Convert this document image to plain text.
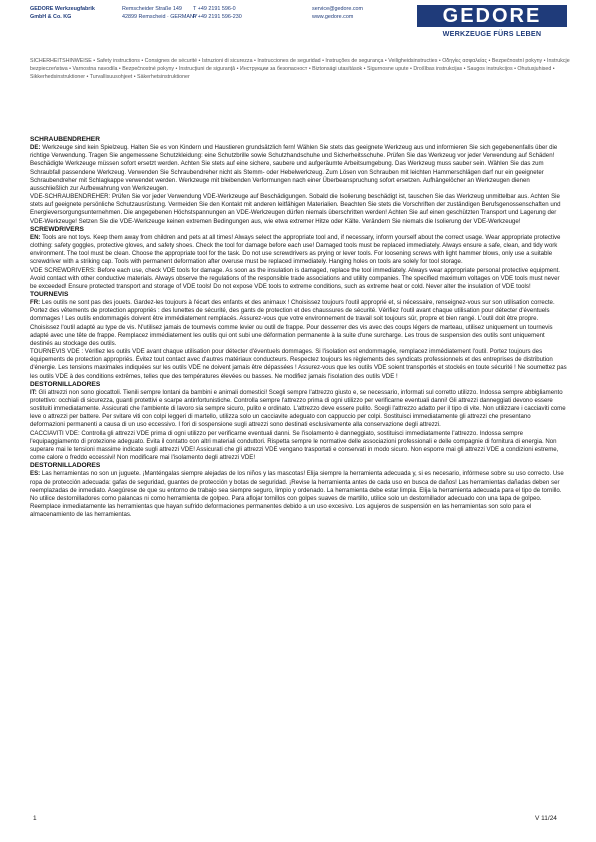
GEDORE Werkzeugfabrik
GmbH & Co. KG
Remscheider Straße 149
42899 Remscheid · GERMANY
T +49 2191 596-0
F +49 2191 596-230
service@gedore.com
www.gedore.com	GEDORE
WERKZEUGE FÜRS LEBEN
SICHERHEITSHINWEISE • Safety instructions • Consignes de sécurité • Istruzioni di sicurezza • Instrucciones de seguridad • Instruções de segurança • Veiligheidsinstructies • Οδηγίες ασφαλείας • Bezpečnostní pokyny • Instrukcje bezpieczeństwa • Varnostna navodila • Bezpečnostné pokyny • Instrucţiuni de siguranţă • Инструкции за безопасност • Biztonsági utasítások • Sigurnosne upute • Drošības instrukcijas • Saugos instrukcijos • Ohutusjuhised • Sikkerhedsinstruktioner • Turvallisuusohjeet • Säkerhetsinstruktioner
SCHRAUBENDREHER

DE: Werkzeuge sind kein Spielzeug. Halten Sie es von Kindern und Haustieren grundsätzlich fern! Wählen Sie stets das geeignete Werkzeug aus und informieren Sie sich gegebenenfalls über die richtige Verwendung. Tragen Sie angemessene Schutzkleidung: eine Schutzbrille sowie Schutzhandschuhe und Sicherheitsschuhe. Prüfen Sie das Werkzeug vor jeder Verwendung auf Schäden! Beschädigte Werkzeuge müssen sofort ersetzt werden. Achten Sie stets auf eine sichere, saubere und aufgeräumte Arbeitsumgebung. Das Werkzeug muss sauber sein. Wählen Sie das zum Schraubfall passendene Werkzeug. Verwenden Sie Schraubendreher nicht als Stemm- oder Hebelwerkzeug. Zum Lösen von Schrauben mit leichten Hammerschlägen darf nur ein geeigneter Schraubendreher mit Schlagkappe verwendet werden. Werkzeuge mit bleibenden Verformungen nach einer Überbeanspruchung sofort ersetzen. Aufhängelöcher an Werkzeugen dienen ausschließlich zur Aufbewahrung von Werkzeugen.

VDE-SCHRAUBENDREHER: Prüfen Sie vor jeder Verwendung VDE-Werkzeuge auf Beschädigungen. Sobald die Isolierung beschädigt ist, tauschen Sie das Werkzeug unmittelbar aus. Achten Sie stets auf geeignete persönliche Schutzausrüstung. Vermeiden Sie den Kontakt mit anderen leitfähigen Materialien. Beachten Sie stets die Vorschriften der zuständigen Berufsgenossenschaften und Energieversorgungsunternehmen. Die angegebenen Höchstspannungen an VDE-Werkzeugen dürfen niemals überschritten werden! Achten Sie auf einen geschützten Transport und Lagerung der VDE-Werkzeuge! Setzen Sie die VDE-Werkzeuge keinen extremen Bedingungen aus, wie etwa extremer Hitze oder Kälte. Verändern Sie niemals die Isolierung der VDE-Werkzeuge!

SCREWDRIVERS

EN: Tools are not toys. Keep them away from children and pets at all times! Always select the appropriate tool and, if necessary, inform yourself about the correct usage. Wear appropriate protective clothing: safety goggles, protective gloves, and safety shoes. Check the tool for damage before each use! Damaged tools must be replaced immediately. Always ensure a safe, clean, and tidy work environment. The tool must be clean. Choose the appropriate tool for the task. Do not use screwdrivers as prying or lever tools. For loosening screws with light hammer blows, only use a suitable screwdriver with a striking cap. Tools with permanent deformation after overuse must be replaced immediately. Hanging holes on tools are solely for tool storage.

VDE SCREWDRIVERS: Before each use, check VDE tools for damage. As soon as the insulation is damaged, replace the tool immediately. Always wear appropriate personal protective equipment. Avoid contact with other conductive materials. Always observe the regulations of the responsible trade associations and utility companies. The specified maximum voltages on VDE tools must never be exceeded! Ensure protected transport and storage of VDE tools! Do not expose VDE tools to extreme conditions, such as extreme heat or cold. Never alter the insulation of VDE tools!

TOURNEVIS

FR: Les outils ne sont pas des jouets. Gardez-les toujours à l'écart des enfants et des animaux ! Choisissez toujours l'outil approprié et, si nécessaire, renseignez-vous sur son utilisation correcte. Portez des vêtements de protection appropriés : des lunettes de sécurité, des gants de protection et des chaussures de sécurité. Vérifiez l'outil avant chaque utilisation pour détecter d'éventuels dommages ! Les outils endommagés doivent être immédiatement remplacés. Assurez-vous que votre environnement de travail soit toujours sûr, propre et bien rangé. L'outil doit être propre. Choisissez l'outil adapté au type de vis. N'utilisez jamais de tournevis comme levier ou outil de frappe. Pour desserrer des vis avec des coups légers de marteau, utilisez uniquement un tournevis adapté avec une tête de frappe. Remplacez immédiatement les outils qui ont subi une déformation permanente à la suite d'une surcharge. Les trous de suspension des outils sont uniquement destinés au stockage des outils.

TOURNEVIS VDE : Vérifiez les outils VDE avant chaque utilisation pour détecter d'éventuels dommages. Si l'isolation est endommagée, remplacez immédiatement l'outil. Portez toujours des équipements de protection appropriés. Évitez tout contact avec d'autres matériaux conducteurs. Respectez toujours les règlements des syndicats professionnels et des entreprises de distribution d'énergie. Les tensions maximales indiquées sur les outils VDE ne doivent jamais être dépassées ! Assurez-vous que les outils VDE soient transportés et stockés en toute sécurité ! Ne soumettez pas les outils VDE à des conditions extrêmes, telles que des températures élevées ou basses. Ne modifiez jamais l'isolation des outils VDE !

DESTORNILLADORES

IT: Gli attrezzi non sono giocattoli. Tienili sempre lontani da bambini e animali domestici! Scegli sempre l'attrezzo giusto e, se necessario, informati sul corretto utilizzo. Indossa sempre abbigliamento protettivo: occhiali di sicurezza, guanti protettivi e scarpe antinfortunistiche. Controlla sempre l'attrezzo prima di ogni utilizzo per verificarne eventuali danni! Gli attrezzi danneggiati devono essere sostituiti immediatamente. Assicurati che l'ambiente di lavoro sia sempre sicuro, pulito e ordinato. L'attrezzo deve essere pulito. Scegli l'attrezzo adatto per il tipo di vite. Non utilizzare i cacciaviti come leve o attrezzi per battere. Per svitare viti con colpi leggeri di martello, utilizza solo un cacciavite adeguato con cappuccio per colpi. Sostituisci immediatamente gli attrezzi che presentano deformazioni permanenti a causa di un uso eccessivo. I fori di sospensione sugli attrezzi sono destinati esclusivamente alla conservazione degli attrezzi.

CACCIAVITI VDE: Controlla gli attrezzi VDE prima di ogni utilizzo per verificarne eventuali danni. Se l'isolamento è danneggiato, sostituisci immediatamente l'attrezzo. Indossa sempre l'equipaggiamento di protezione adeguato. Evita il contatto con altri materiali conduttori. Rispetta sempre le normative delle associazioni professionali e delle compagnie di fornitura di energia. Non superare mai le tensioni massime indicate sugli attrezzi VDE! Assicurati che gli attrezzi VDE vengano trasportati e conservati in modo sicuro. Non esporre mai gli attrezzi VDE a condizioni estreme, come calore o freddo eccessivi! Non modificare mai l'isolamento degli attrezzi VDE!

DESTORNILLADORES

ES: Las herramientas no son un juguete. ¡Manténgalas siempre alejadas de los niños y las mascotas! Elija siempre la herramienta adecuada y, si es necesario, infórmese sobre su uso correcto. Use ropa de protección adecuada: gafas de seguridad, guantes de protección y botas de seguridad. ¡Revise la herramienta antes de cada uso en busca de daños! Las herramientas dañadas deben ser reemplazadas de inmediato. Asegúrese de que su entorno de trabajo sea siempre seguro, limpio y ordenado. La herramienta debe estar limpia. Elija la herramienta adecuada para el tipo de tornillo. No utilice destornilladores como palancas ni como herramienta de golpeo. Para aflojar tornillos con golpes suaves de martillo, utilice solo un destornillador adecuado con una tapa de golpeo. Reemplace inmediatamente las herramientas que hayan sufrido deformaciones permanentes debido a un uso excesivo. Los agujeros de suspensión en las herramientas son solo para el almacenamiento de las herramientas.

1	V 11/24
